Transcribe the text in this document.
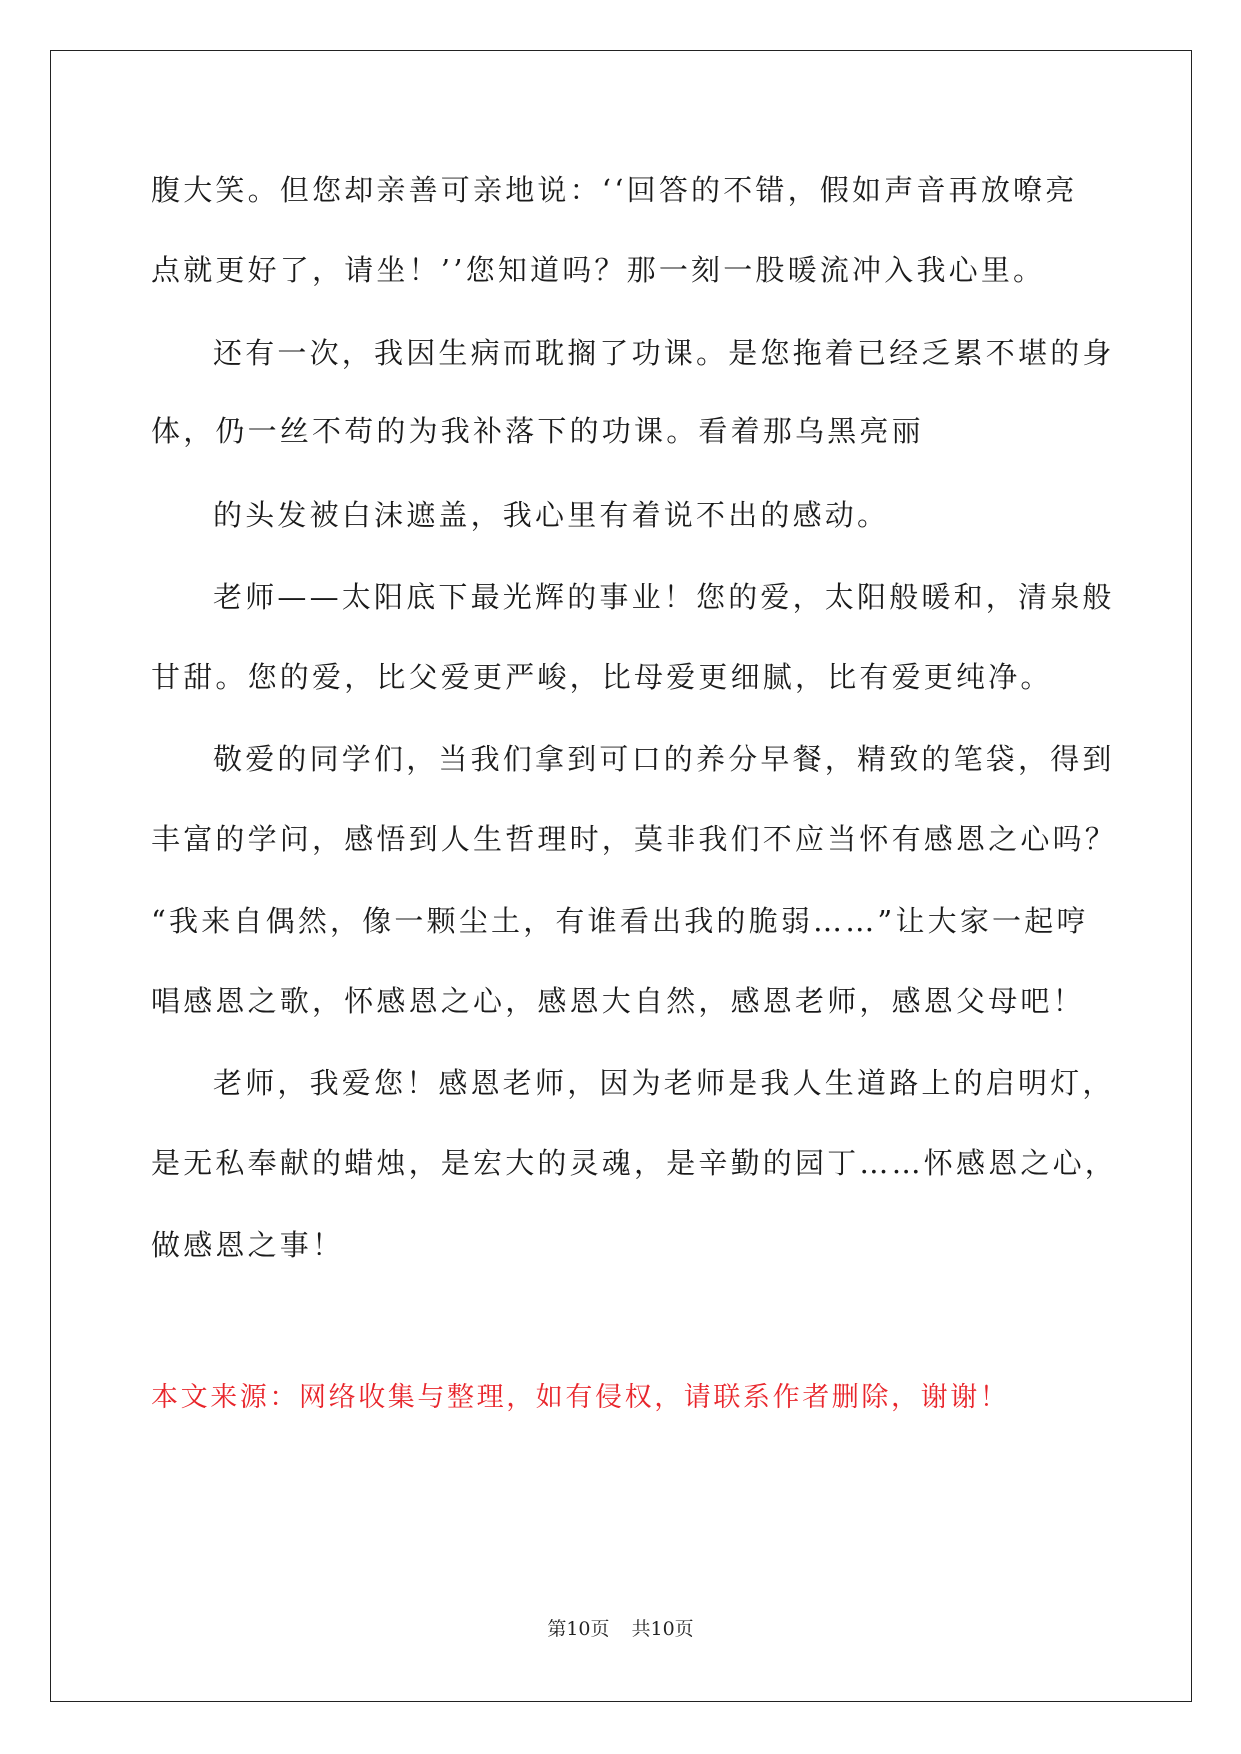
腹大笑。但您却亲善可亲地说：‘‘回答的不错，假如声音再放嘹亮
点就更好了，请坐！’’您知道吗？那一刻一股暖流冲入我心里。
还有一次，我因生病而耽搁了功课。是您拖着已经乏累不堪的身
体，仍一丝不苟的为我补落下的功课。看着那乌黑亮丽
的头发被白沫遮盖，我心里有着说不出的感动。
老师——太阳底下最光辉的事业！您的爱，太阳般暖和，清泉般
甘甜。您的爱，比父爱更严峻，比母爱更细腻，比有爱更纯净。
敬爱的同学们，当我们拿到可口的养分早餐，精致的笔袋，得到
丰富的学问，感悟到人生哲理时，莫非我们不应当怀有感恩之心吗？
“我来自偶然，像一颗尘土，有谁看出我的脆弱……”让大家一起哼
唱感恩之歌，怀感恩之心，感恩大自然，感恩老师，感恩父母吧！
老师，我爱您！感恩老师，因为老师是我人生道路上的启明灯，
是无私奉献的蜡烛，是宏大的灵魂，是辛勤的园丁……怀感恩之心，
做感恩之事！
本文来源：网络收集与整理，如有侵权，请联系作者删除，谢谢！
第10页 共10页
